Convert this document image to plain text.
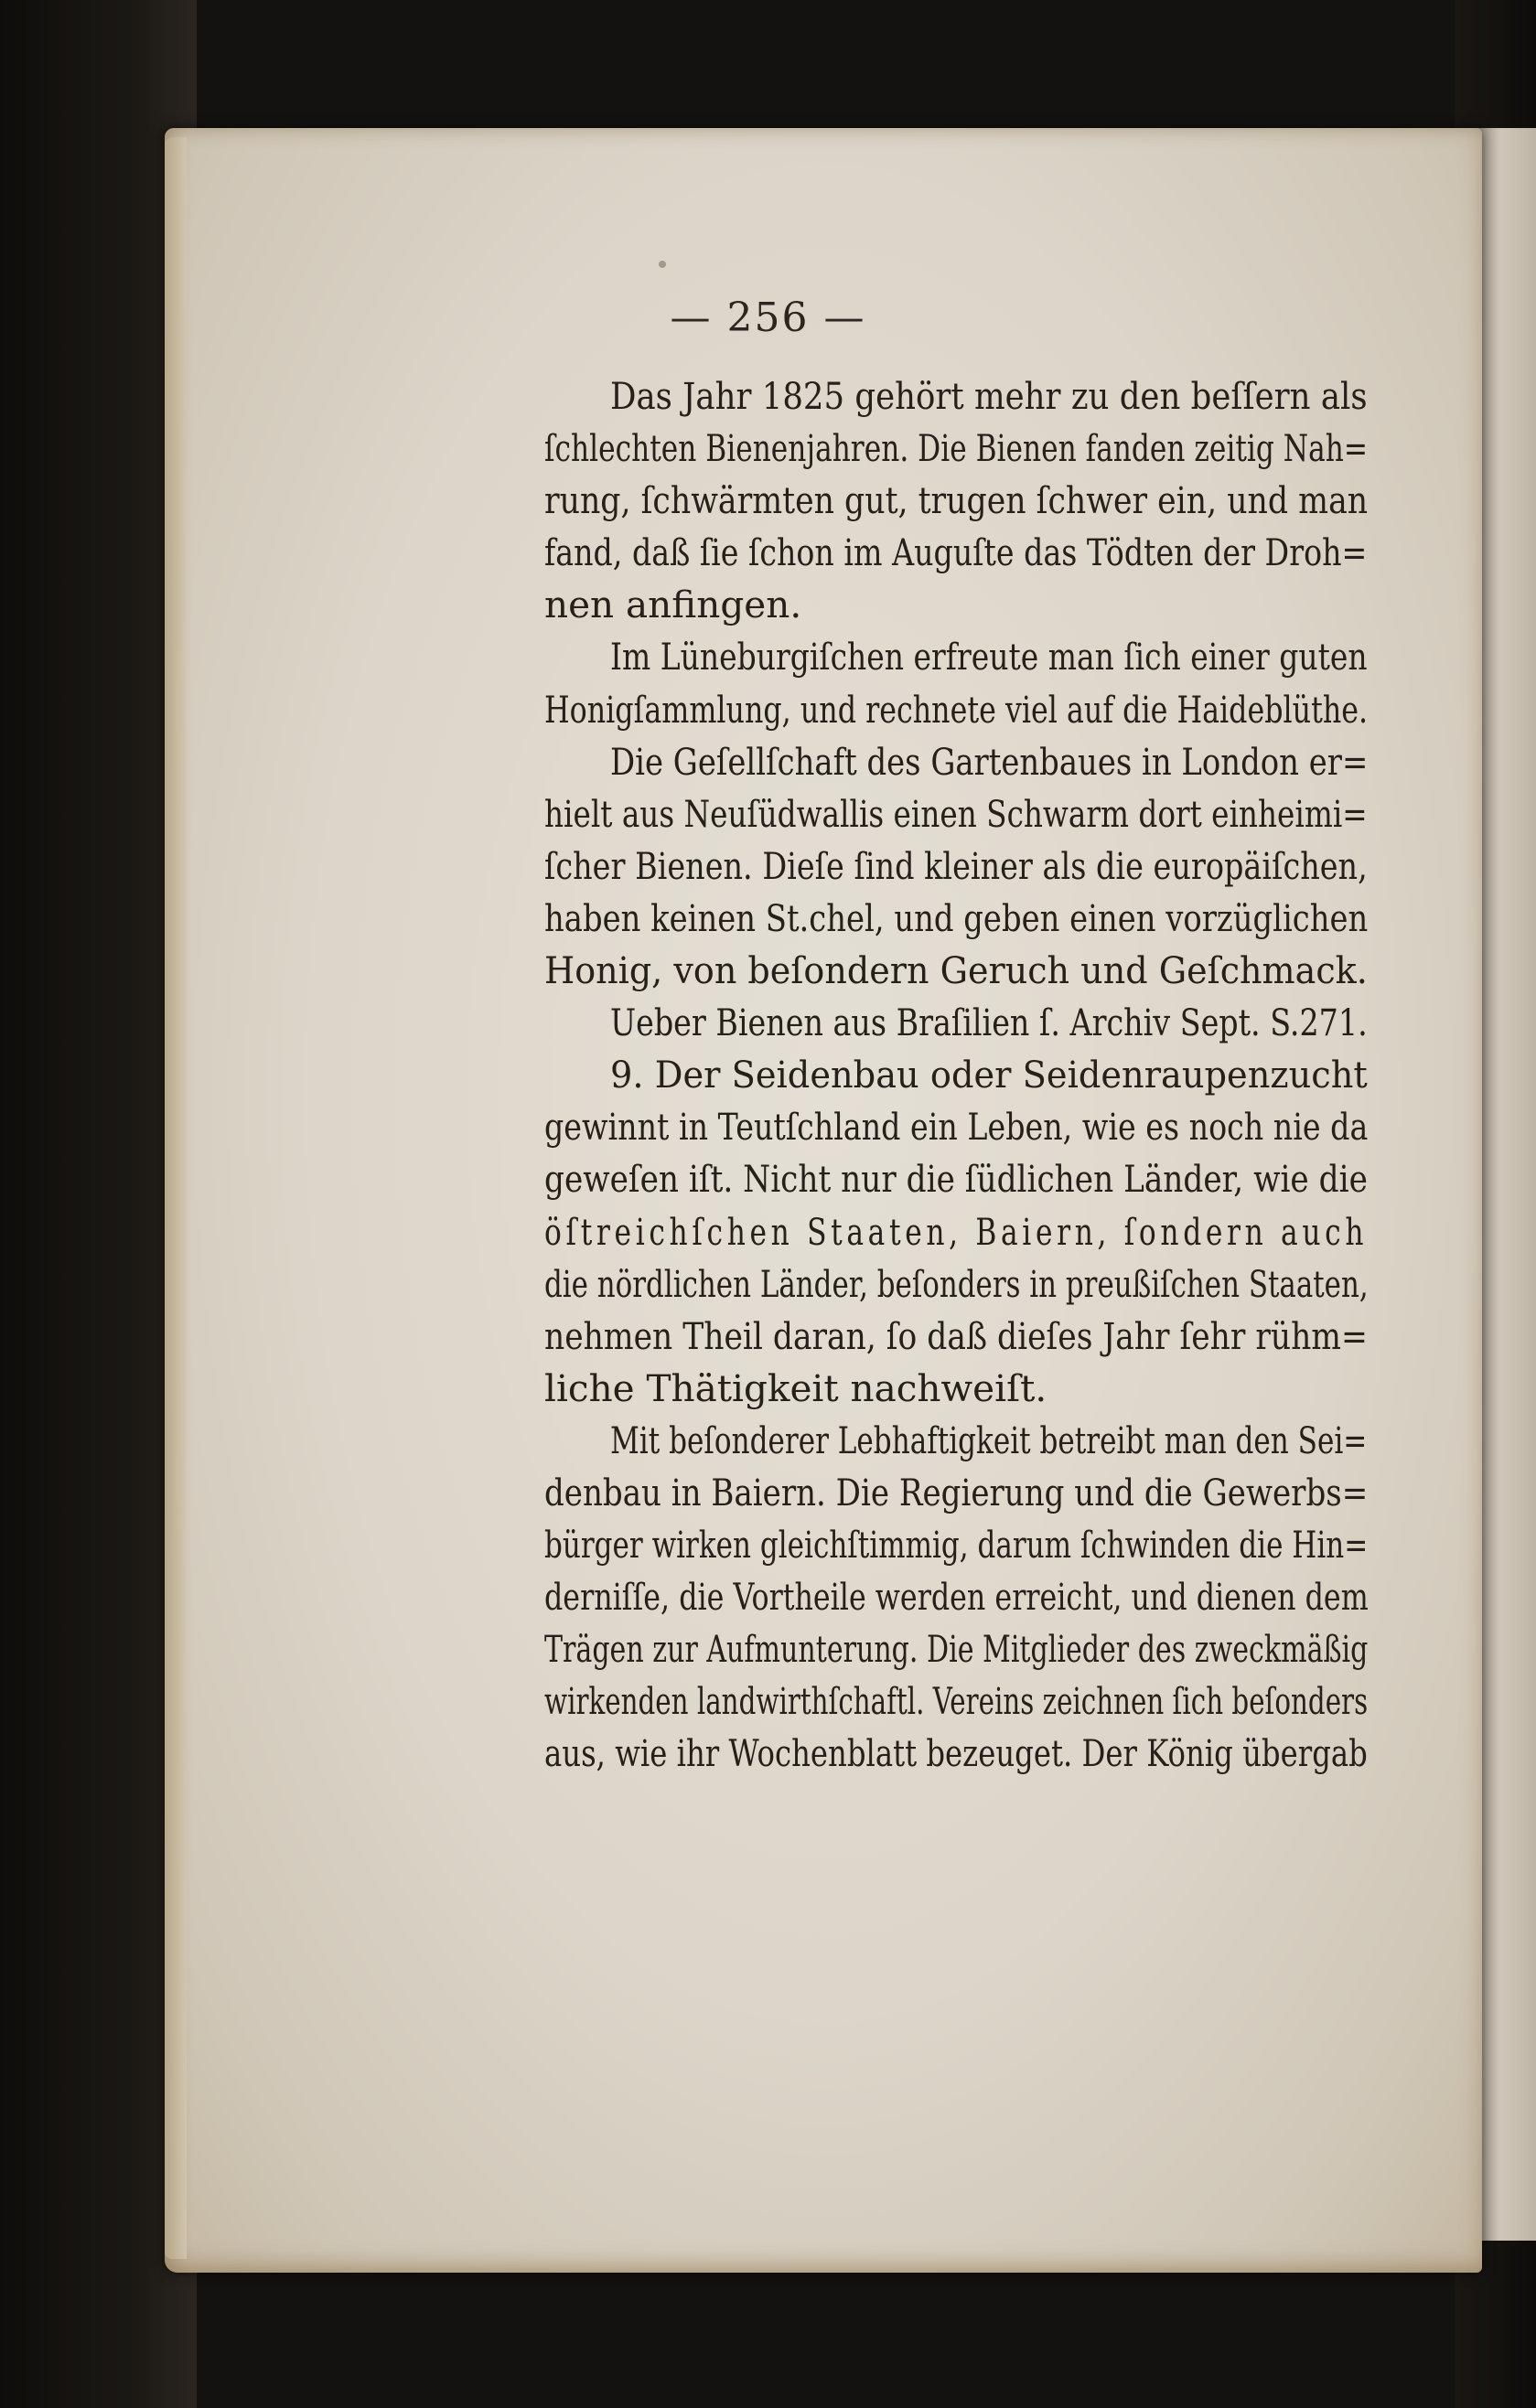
— 256 —
Das Jahr 1825 gehört mehr zu den beſſern als
ſchlechten Bienenjahren. Die Bienen fanden zeitig Nah=
rung, ſchwärmten gut, trugen ſchwer ein, und man
fand, daß ſie ſchon im Auguſte das Tödten der Droh=
nen anfingen.
Im Lüneburgiſchen erfreute man ſich einer guten
Honigſammlung, und rechnete viel auf die Haideblüthe.
Die Geſellſchaft des Gartenbaues in London er=
hielt aus Neuſüdwallis einen Schwarm dort einheimi=
ſcher Bienen. Dieſe ſind kleiner als die europäiſchen,
haben keinen St.chel, und geben einen vorzüglichen
Honig, von beſondern Geruch und Geſchmack.
Ueber Bienen aus Braſilien ſ. Archiv Sept. S.271.
9. Der Seidenbau oder Seidenraupenzucht
gewinnt in Teutſchland ein Leben, wie es noch nie da
geweſen iſt. Nicht nur die ſüdlichen Länder, wie die
öſtreichſchen Staaten, Baiern, ſondern auch
die nördlichen Länder, beſonders in preußiſchen Staaten,
nehmen Theil daran, ſo daß dieſes Jahr ſehr rühm=
liche Thätigkeit nachweiſt.
Mit beſonderer Lebhaftigkeit betreibt man den Sei=
denbau in Baiern. Die Regierung und die Gewerbs=
bürger wirken gleichſtimmig, darum ſchwinden die Hin=
derniſſe, die Vortheile werden erreicht, und dienen dem
Trägen zur Aufmunterung. Die Mitglieder des zweckmäßig
wirkenden landwirthſchaftl. Vereins zeichnen ſich beſonders
aus, wie ihr Wochenblatt bezeuget. Der König übergab
